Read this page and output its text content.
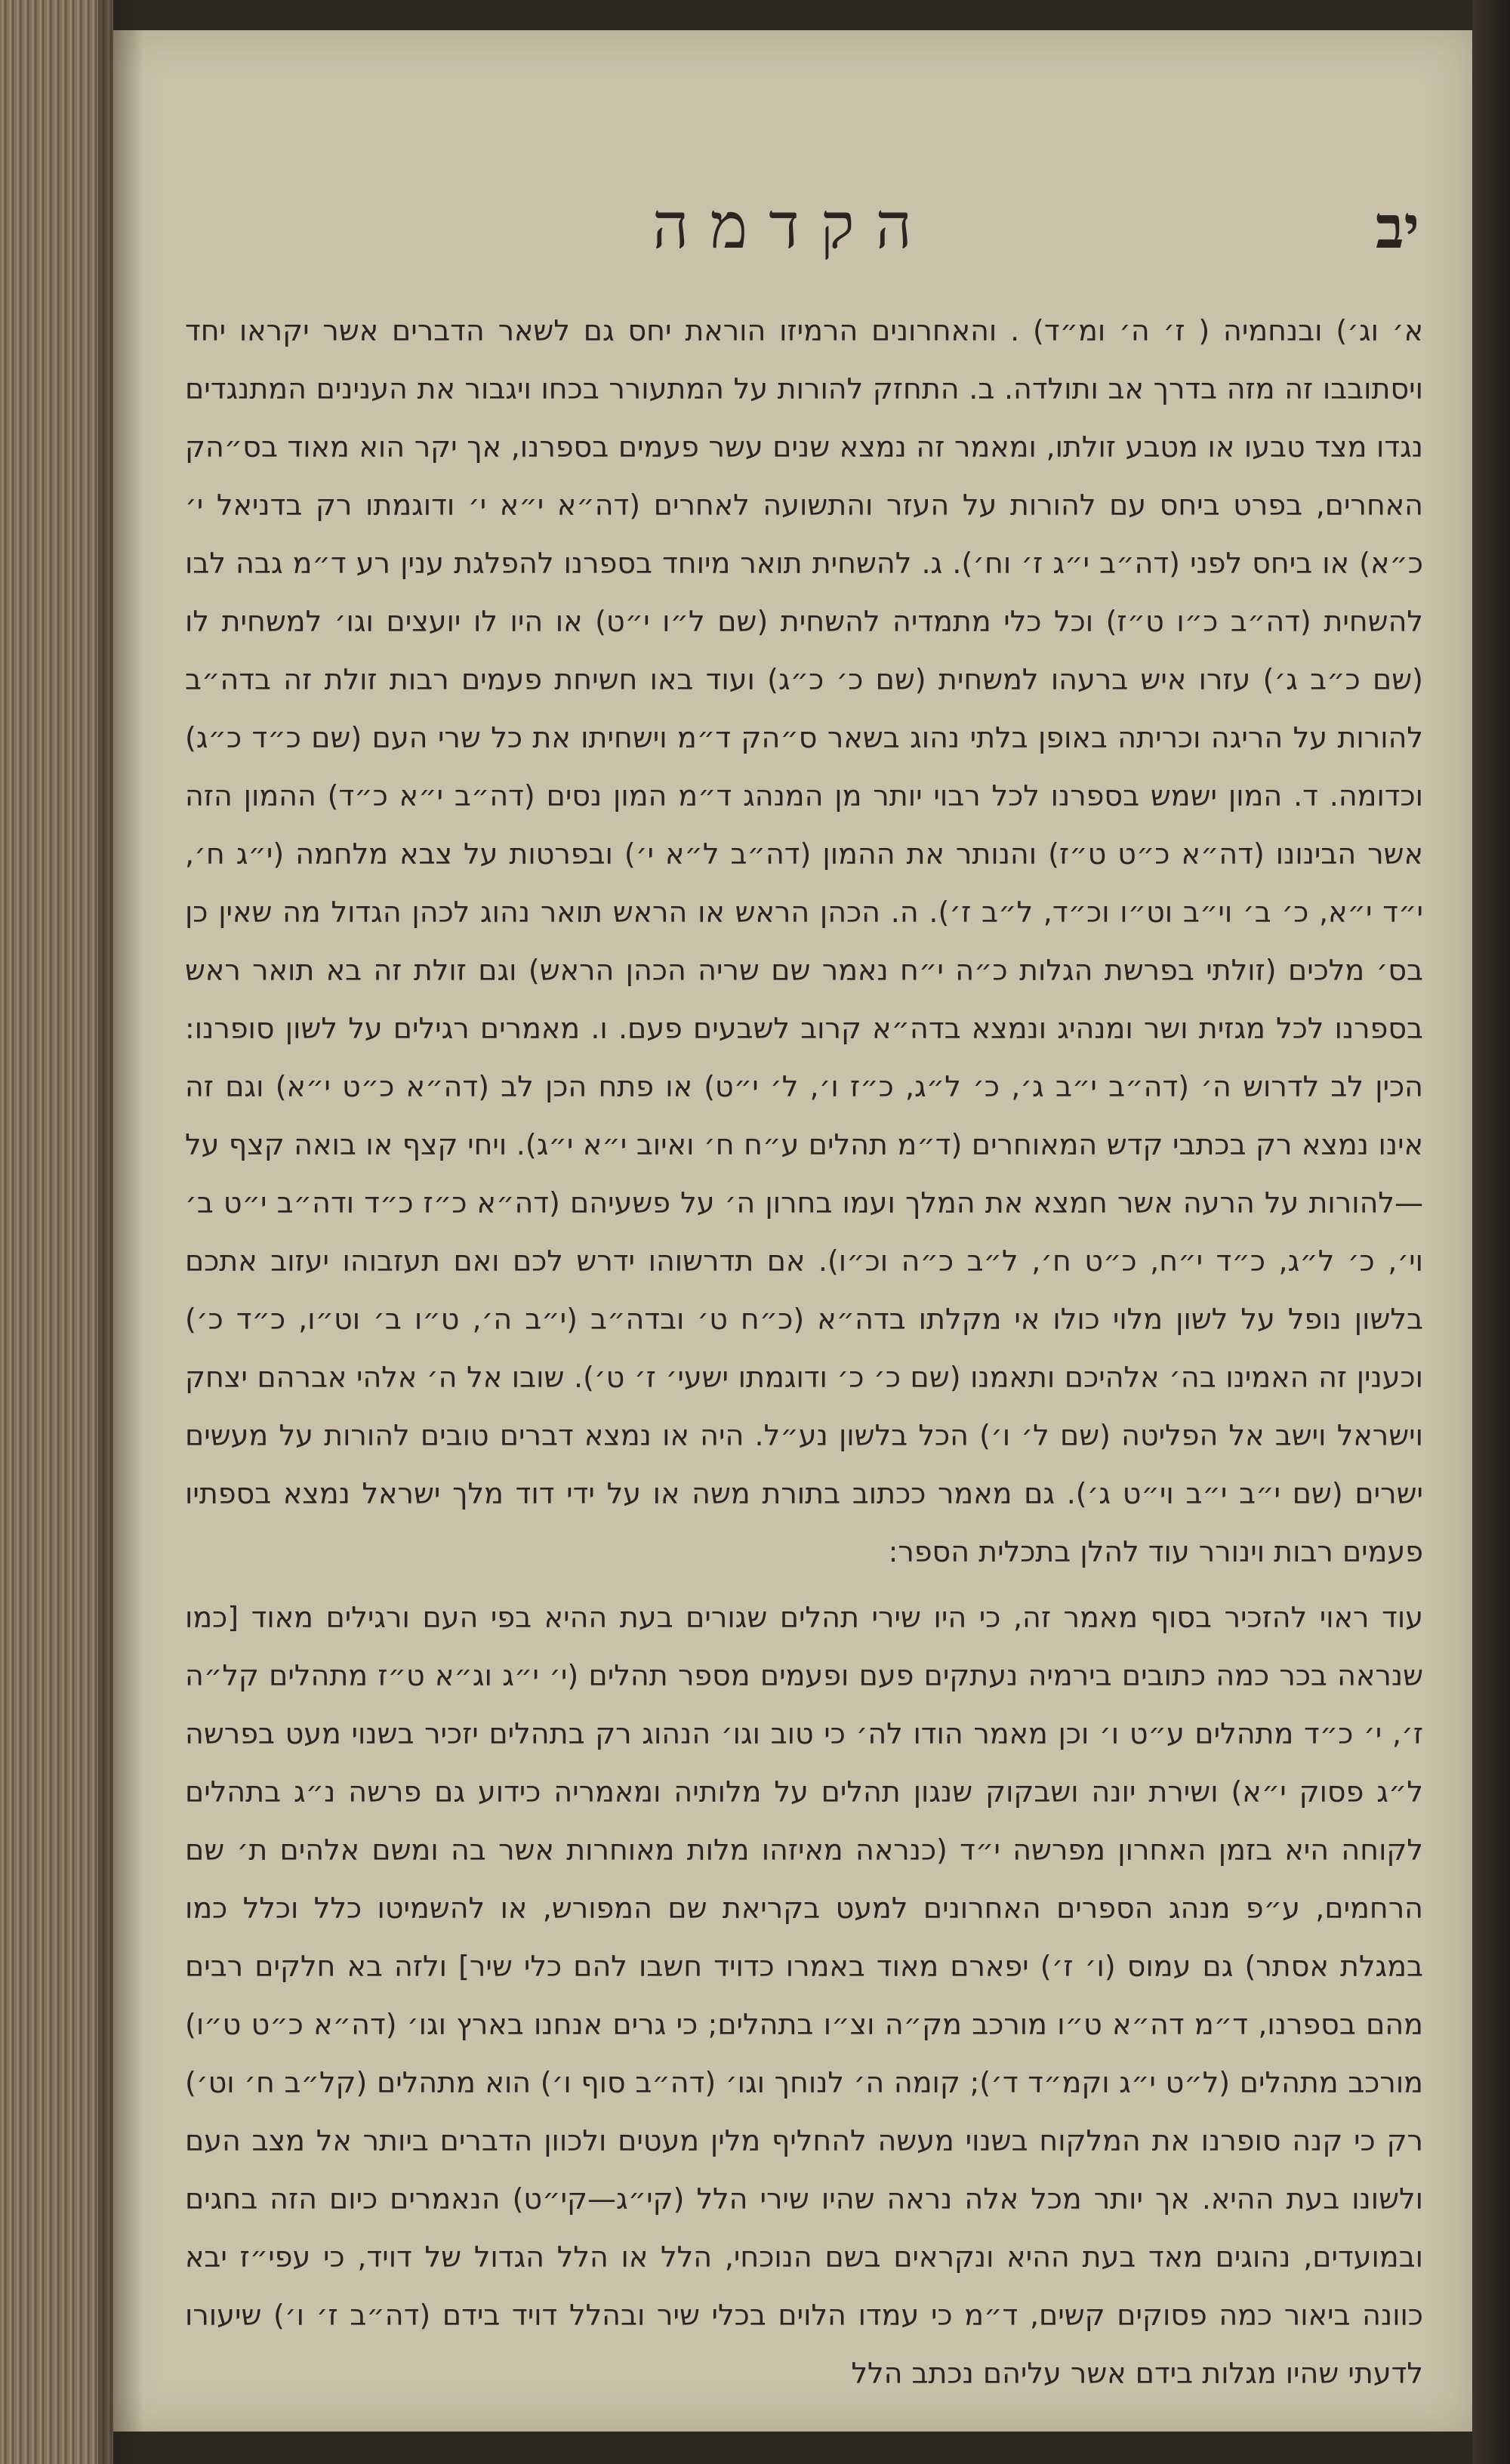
הקדמה	יב

א׳ וג׳) ובנחמיה ( ז׳ ה׳ ומ״ד) . והאחרונים הרמיזו הוראת יחס גם לשאר הדברים אשר יקראו יחד ויסתובבו זה מזה בדרך אב ותולדה. ב. התחזק להורות על המתעורר בכחו ויגבור את הענינים המתנגדים נגדו מצד טבעו או מטבע זולתו, ומאמר זה נמצא שנים עשר פעמים בספרנו, אך יקר הוא מאוד בס״הק האחרים, בפרט ביחס עם להורות על העזר והתשועה לאחרים (דה״א י״א י׳ ודוגמתו רק בדניאל י׳ כ״א) או ביחס לפני (דה״ב י״ג ז׳ וח׳). ג. להשחית תואר מיוחד בספרנו להפלגת ענין רע ד״מ גבה לבו להשחית (דה״ב כ״ו ט״ז) וכל כלי מתמדיה להשחית (שם ל״ו י״ט) או היו לו יועצים וגו׳ למשחית לו (שם כ״ב ג׳) עזרו איש ברעהו למשחית (שם כ׳ כ״ג) ועוד באו חשיחת פעמים רבות זולת זה בדה״ב להורות על הריגה וכריתה באופן בלתי נהוג בשאר ס״הק ד״מ וישחיתו את כל שרי העם (שם כ״ד כ״ג) וכדומה. ד. המון ישמש בספרנו לכל רבוי יותר מן המנהג ד״מ המון נסים (דה״ב י״א כ״ד) ההמון הזה אשר הבינונו (דה״א כ״ט ט״ז) והנותר את ההמון (דה״ב ל״א י׳) ובפרטות על צבא מלחמה (י״ג ח׳, י״ד י״א, כ׳ ב׳ וי״ב וט״ו וכ״ד, ל״ב ז׳). ה. הכהן הראש או הראש תואר נהוג לכהן הגדול מה שאין כן בס׳ מלכים (זולתי בפרשת הגלות כ״ה י״ח נאמר שם שריה הכהן הראש) וגם זולת זה בא תואר ראש בספרנו לכל מגזית ושר ומנהיג ונמצא בדה״א קרוב לשבעים פעם. ו. מאמרים רגילים על לשון סופרנו: הכין לב לדרוש ה׳ (דה״ב י״ב ג׳, כ׳ ל״ג, כ״ז ו׳, ל׳ י״ט) או פתח הכן לב (דה״א כ״ט י״א) וגם זה אינו נמצא רק בכתבי קדש המאוחרים (ד״מ תהלים ע״ח ח׳ ואיוב י״א י״ג). ויחי קצף או בואה קצף על—להורות על הרעה אשר חמצא את המלך ועמו בחרון ה׳ על פשעיהם (דה״א כ״ז כ״ד ודה״ב י״ט ב׳ וי׳, כ׳ ל״ג, כ״ד י״ח, כ״ט ח׳, ל״ב כ״ה וכ״ו). אם תדרשוהו ידרש לכם ואם תעזבוהו יעזוב אתכם בלשון נופל על לשון מלוי כולו אי מקלתו בדה״א (כ״ח ט׳ ובדה״ב (י״ב ה׳, ט״ו ב׳ וט״ו, כ״ד כ׳) וכענין זה האמינו בה׳ אלהיכם ותאמנו (שם כ׳ כ׳ ודוגמתו ישעי׳ ז׳ ט׳). שובו אל ה׳ אלהי אברהם יצחק וישראל וישב אל הפליטה (שם ל׳ ו׳) הכל בלשון נע״ל. היה או נמצא דברים טובים להורות על מעשים ישרים (שם י״ב י״ב וי״ט ג׳). גם מאמר ככתוב בתורת משה או על ידי דוד מלך ישראל נמצא בספתיו פעמים רבות וינורר עוד להלן בתכלית הספר:

עוד ראוי להזכיר בסוף מאמר זה, כי היו שירי תהלים שגורים בעת ההיא בפי העם ורגילים מאוד [כמו שנראה בכר כמה כתובים בירמיה נעתקים פעם ופעמים מספר תהלים (י׳ י״ג וג״א ט״ז מתהלים קל״ה ז׳, י׳ כ״ד מתהלים ע״ט ו׳ וכן מאמר הודו לה׳ כי טוב וגו׳ הנהוג רק בתהלים יזכיר בשנוי מעט בפרשה ל״ג פסוק י״א) ושירת יונה ושבקוק שנגון תהלים על מלותיה ומאמריה כידוע גם פרשה נ״ג בתהלים לקוחה היא בזמן האחרון מפרשה י״ד (כנראה מאיזהו מלות מאוחרות אשר בה ומשם אלהים ת׳ שם הרחמים, ע״פ מנהג הספרים האחרונים למעט בקריאת שם המפורש, או להשמיטו כלל וכלל כמו במגלת אסתר) גם עמוס (ו׳ ז׳) יפארם מאוד באמרו כדויד חשבו להם כלי שיר] ולזה בא חלקים רבים מהם בספרנו, ד״מ דה״א ט״ו מורכב מק״ה וצ״ו בתהלים; כי גרים אנחנו בארץ וגו׳ (דה״א כ״ט ט״ו) מורכב מתהלים (ל״ט י״ג וקמ״ד ד׳); קומה ה׳ לנוחך וגו׳ (דה״ב סוף ו׳) הוא מתהלים (קל״ב ח׳ וט׳) רק כי קנה סופרנו את המלקוח בשנוי מעשה להחליף מלין מעטים ולכוון הדברים ביותר אל מצב העם ולשונו בעת ההיא. אך יותר מכל אלה נראה שהיו שירי הלל (קי״ג—קי״ט) הנאמרים כיום הזה בחגים ובמועדים, נהוגים מאד בעת ההיא ונקראים בשם הנוכחי, הלל או הלל הגדול של דויד, כי עפי״ז יבא כוונה ביאור כמה פסוקים קשים, ד״מ כי עמדו הלוים בכלי שיר ובהלל דויד בידם (דה״ב ז׳ ו׳) שיעורו לדעתי שהיו מגלות בידם אשר עליהם נכתב הלל
